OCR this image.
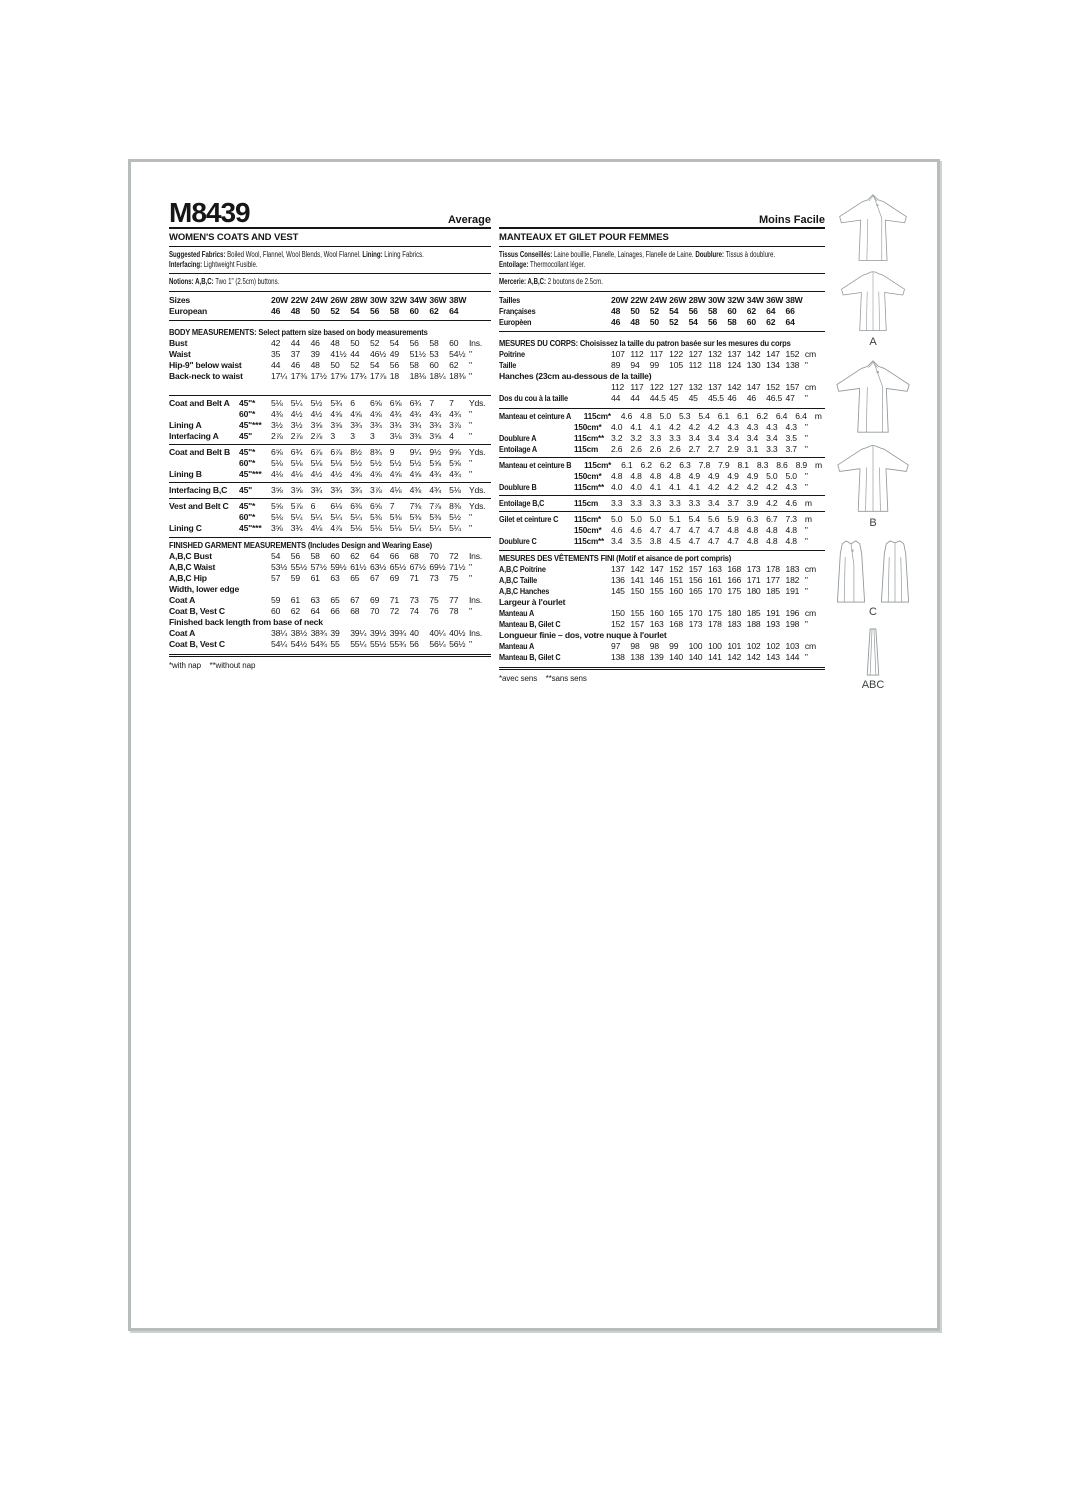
M8439	Average
WOMEN'S COATS AND VEST
Suggested Fabrics: Boiled Wool, Flannel, Wool Blends, Wool Flannel. Lining: Lining Fabrics.
Interfacing: Lightweight Fusible.
Notions: A,B,C: Two 1" (2.5cm) buttons.
Sizes	20W 22W 24W 26W 28W 30W 32W 34W 36W 38W
European	46	48	50	52	54	56	58	60	62	64
BODY MEASUREMENTS: Select pattern size based on body measurements
Bust	42	44	46	48	50	52	54	56	58	60	Ins.
Waist	35	37	39	41½ 44	46½ 49	51½ 53	54½ "
Hip-9" below waist	44	46	48	50	52	54	56	58	60	62	"
Back-neck to waist	17¼ 17⅜ 17½ 17⅝ 17¾ 17⅞ 18	18⅛ 18¼ 18⅜ "
Coat and Belt A	45"*	5⅛ 5¼ 5½ 5¾ 6	6⅝ 6⅝ 6¾ 7	7	Yds.
60"*	4⅜ 4½ 4½ 4⅝ 4⅝ 4⅝ 4¾ 4¾ 4¾ 4¾ "
Lining A	45"***	3½ 3½ 3⅝ 3⅝ 3¾ 3¾ 3¾ 3¾ 3¾ 3⅞ "
Interfacing A	45"	2⅞ 2⅞ 2⅞ 3	3	3	3⅛ 3⅜ 3⅝ 4	"
Coat and Belt B	45"*	6⅝ 6¾ 6⅞ 6⅞ 8½ 8¾ 9	9¼ 9½ 9⅝ Yds.
60"*	5⅛ 5⅛ 5⅛ 5⅛ 5½ 5½ 5½ 5½ 5⅝ 5⅝ "
Lining B	45"***	4⅛ 4⅛ 4½ 4½ 4⅝ 4⅝ 4⅝ 4⅝ 4¾ 4¾ "
Interfacing B,C	45"	3⅝ 3⅝ 3¾ 3¾ 3¾ 3⅞ 4⅛ 4⅜ 4¾ 5⅛ Yds.
Vest and Belt C	45"*	5⅝ 5⅞ 6	6⅛ 6⅜ 6⅝ 7	7⅜ 7⅞ 8⅜ Yds.
60"*	5⅛ 5¼ 5¼ 5¼ 5¼ 5⅜ 5⅜ 5⅜ 5⅜ 5½ "
Lining C	45"***	3⅝ 3¾ 4⅛ 4⅞ 5⅛ 5⅛ 5⅛ 5¼ 5¼ 5¼ "
FINISHED GARMENT MEASUREMENTS (Includes Design and Wearing Ease)
A,B,C Bust	54	56	58	60	62	64	66	68	70	72	Ins.
A,B,C Waist	53½ 55½ 57½ 59½ 61½ 63½ 65½ 67½ 69½ 71½ "
A,B,C Hip	57	59	61	63	65	67	69	71	73	75	"
Width, lower edge
Coat A	59	61	63	65	67	69	71	73	75	77	Ins.
Coat B, Vest C	60	62	64	66	68	70	72	74	76	78	"
Finished back length from base of neck
Coat A	38¼ 38½ 38¾ 39	39¼ 39½ 39¾ 40	40¼ 40½ Ins.
Coat B, Vest C	54¼ 54½ 54¾ 55	55¼ 55½ 55¾ 56	56¼ 56½ "
*with nap    **without nap
Moins Facile
MANTEAUX ET GILET POUR FEMMES
Tissus Conseillés: Laine bouillie, Flanelle, Lainages, Flanelle de Laine. Doublure: Tissus à doublure.
Entoilage: Thermocollant léger.
Mercerie: A,B,C: 2 boutons de 2.5cm.
Tailles	20W 22W 24W 26W 28W 30W 32W 34W 36W 38W
Françaises	48	50	52	54	56	58	60	62	64	66
Europèen	46	48	50	52	54	56	58	60	62	64
MESURES DU CORPS: Choisissez la taille du patron basée sur les mesures du corps
Poitrine	107 112 117 122 127 132 137 142 147 152 cm
Taille	89	94	99	105 112 118 124 130 134 138 "
Hanches (23cm au-dessous de la taille)
112 117 122 127 132 137 142 147 152 157 cm
Dos du cou à la taille	44	44	44.5 45	45	45.5 46	46	46.5 47	"
Manteau et ceinture A 115cm*	4.6 4.8 5.0 5.3 5.4 6.1 6.1 6.2 6.4 6.4 m
150cm*	4.0 4.1 4.1 4.2 4.2 4.2 4.3 4.3 4.3 4.3 "
Doublure A	115cm** 3.2 3.2 3.3 3.3 3.4 3.4 3.4 3.4 3.4 3.5 "
Entoilage A	115cm	2.6 2.6 2.6 2.6 2.7 2.7 2.9 3.1 3.3 3.7 "
Manteau et ceinture B 115cm*	6.1 6.2 6.2 6.3 7.8 7.9 8.1 8.3 8.6 8.9 m
150cm*	4.8 4.8 4.8 4.8 4.9 4.9 4.9 4.9 5.0 5.0 "
Doublure B	115cm** 4.0 4.0 4.1 4.1 4.1 4.2 4.2 4.2 4.2 4.3 "
Entoilage B,C	115cm	3.3 3.3 3.3 3.3 3.3 3.4 3.7 3.9 4.2 4.6 m
Gilet et ceinture C	115cm*	5.0 5.0 5.0 5.1 5.4 5.6 5.9 6.3 6.7 7.3 m
150cm*	4.6 4.6 4.7 4.7 4.7 4.7 4.8 4.8 4.8 4.8 "
Doublure C	115cm** 3.4 3.5 3.8 4.5 4.7 4.7 4.7 4.8 4.8 4.8 "
MESURES DES VÊTEMENTS FINI (Motif et aisance de port compris)
A,B,C Poitrine	137 142 147 152 157 163 168 173 178 183 cm
A,B,C Taille	136 141 146 151 156 161 166 171 177 182 "
A,B,C Hanches	145 150 155 160 165 170 175 180 185 191 "
Largeur à l'ourlet
Manteau A	150 155 160 165 170 175 180 185 191 196 cm
Manteau B, Gilet C	152 157 163 168 173 178 183 188 193 198 "
Longueur finie – dos, votre nuque à l'ourlet
Manteau A	97	98	98	99	100 100 101 102 102 103 cm
Manteau B, Gilet C	138 138 139 140 140 141 142 142 143 144 "
*avec sens    **sans sens
A
B
C
ABC
